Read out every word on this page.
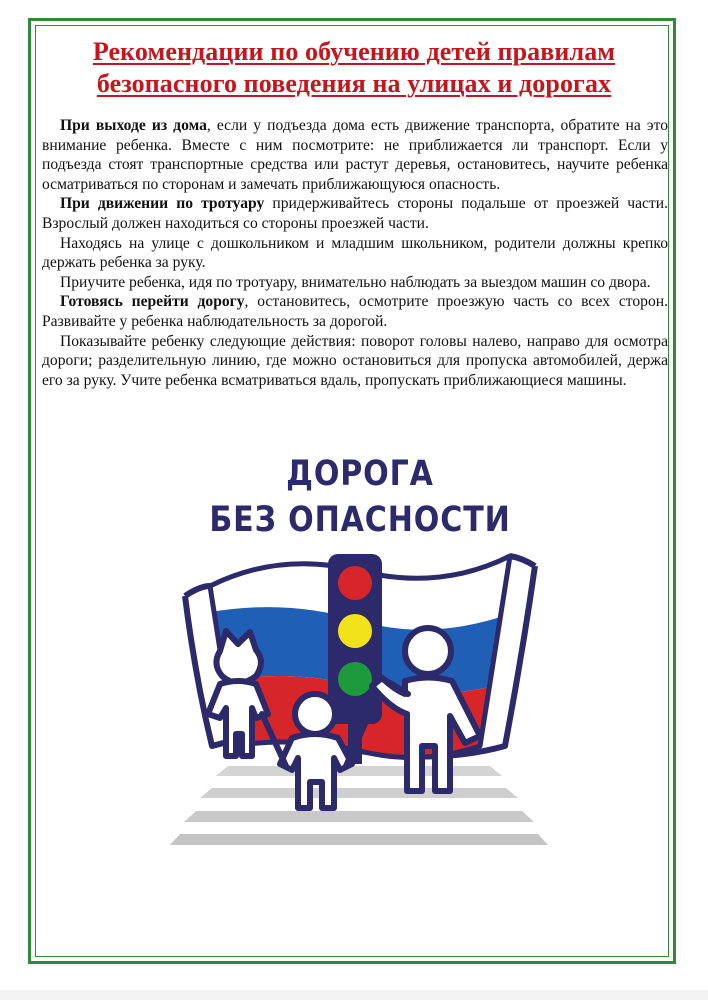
Рекомендации по обучению детей правилам
безопасного поведения на улицах и дорогах

При выходе из дома, если у подъезда дома есть движение транспорта, обратите на это внимание ребенка. Вместе с ним посмотрите: не приближается ли транспорт. Если у подъезда стоят транспортные средства или растут деревья, остановитесь, научите ребенка осматриваться по сторонам и замечать приближающуюся опасность.

При движении по тротуару придерживайтесь стороны подальше от проезжей части. Взрослый должен находиться со стороны проезжей части.

Находясь на улице с дошкольником и младшим школьником, родители должны крепко держать ребенка за руку.

Приучите ребенка, идя по тротуару, внимательно наблюдать за выездом машин со двора.

Готовясь перейти дорогу, остановитесь, осмотрите проезжую часть со всех сторон. Развивайте у ребенка наблюдательность за дорогой.

Показывайте ребенку следующие действия: поворот головы налево, направо для осмотра дороги; разделительную линию, где можно остановиться для пропуска автомобилей, держа его за руку. Учите ребенка всматриваться вдаль, пропускать приближающиеся машины.

ДОРОГА
БЕЗ ОПАСНОСТИ
